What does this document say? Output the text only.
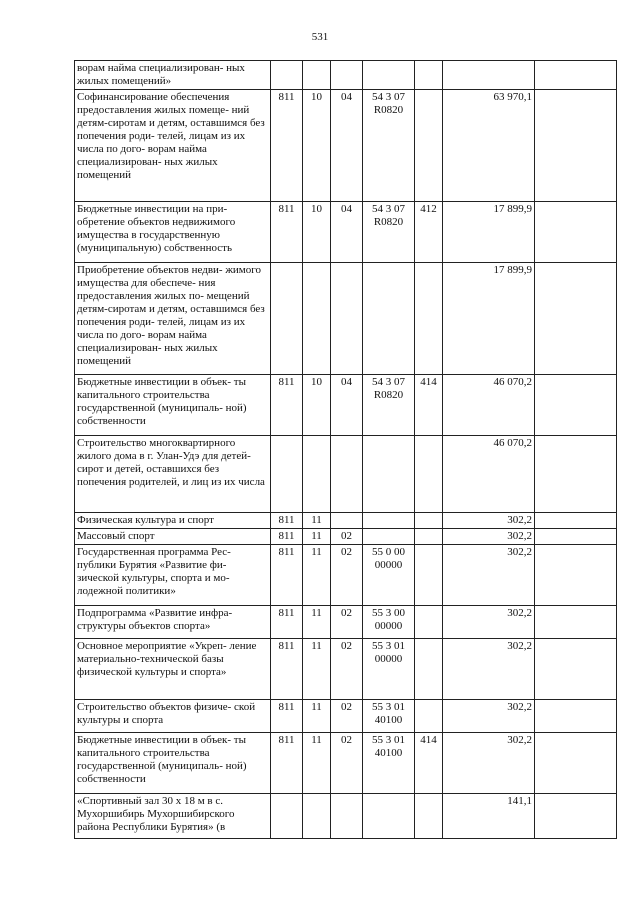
531
ворам найма специализирован- ных жилых помещений»							
Софинансирование обеспечения предоставления жилых помеще- ний детям-сиротам и детям, оставшимся без попечения роди- телей, лицам из их числа по дого- ворам найма специализирован- ных жилых помещений	811	10	04	54 3 07 R0820		63 970,1	
Бюджетные инвестиции на при- обретение объектов недвижимого имущества в государственную (муниципальную) собственность	811	10	04	54 3 07 R0820	412	17 899,9	
Приобретение объектов недви- жимого имущества для обеспече- ния предоставления жилых по- мещений детям-сиротам и детям, оставшимся без попечения роди- телей, лицам из их числа по дого- ворам найма специализирован- ных жилых помещений						17 899,9	
Бюджетные инвестиции в объек- ты капитального строительства государственной (муниципаль- ной) собственности	811	10	04	54 3 07 R0820	414	46 070,2	
Строительство многоквартирного жилого дома в г. Улан-Удэ для детей-сирот и детей, оставшихся без попечения родителей, и лиц из их числа						46 070,2	
Физическая культура и спорт	811	11				302,2	
Массовый спорт	811	11	02			302,2	
Государственная программа Рес- публики Бурятия «Развитие фи- зической культуры, спорта и мо- лодежной политики»	811	11	02	55 0 00 00000		302,2	
Подпрограмма «Развитие инфра- структуры объектов спорта»	811	11	02	55 3 00 00000		302,2	
Основное мероприятие «Укреп- ление материально-технической базы физической культуры и спорта»	811	11	02	55 3 01 00000		302,2	
Строительство объектов физиче- ской культуры и спорта	811	11	02	55 3 01 40100		302,2	
Бюджетные инвестиции в объек- ты капитального строительства государственной (муниципаль- ной) собственности	811	11	02	55 3 01 40100	414	302,2	
«Спортивный зал 30 х 18 м в с. Мухоршибирь Мухоршибирского района Республики Бурятия» (в						141,1	
